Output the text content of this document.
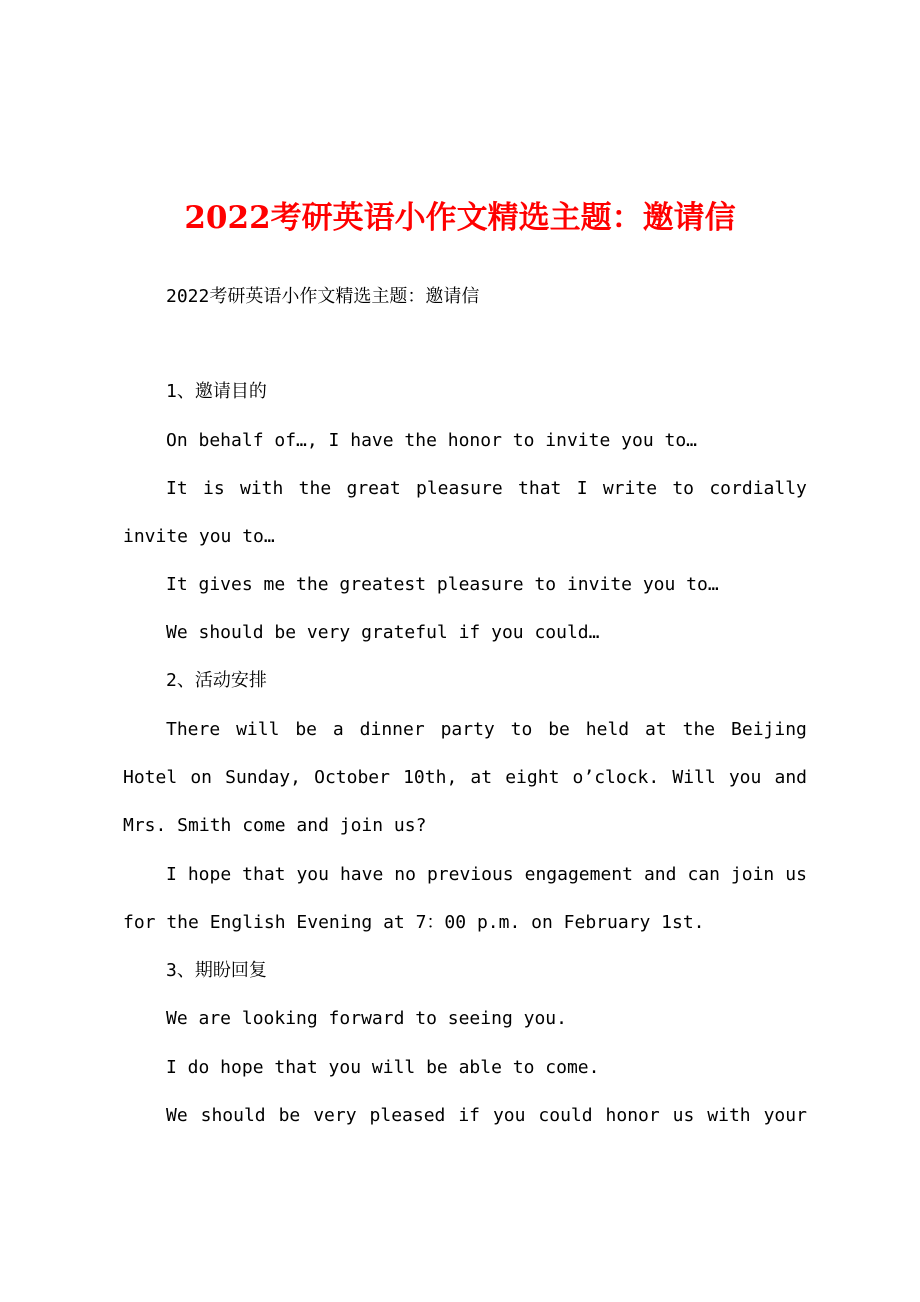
2022考研英语小作文精选主题：邀请信
2022考研英语小作文精选主题：邀请信
1、邀请目的
On behalf of…, I have the honor to invite you to…
It is with the great pleasure that I write to cordially
invite you to…
It gives me the greatest pleasure to invite you to…
We should be very grateful if you could…
2、活动安排
There will be a dinner party to be held at the Beijing
Hotel on Sunday, October 10th, at eight o’clock. Will you and
Mrs. Smith come and join us?
I hope that you have no previous engagement and can join us
for the English Evening at 7：00 p.m. on February 1st.
3、期盼回复
We are looking forward to seeing you.
I do hope that you will be able to come.
We should be very pleased if you could honor us with your
